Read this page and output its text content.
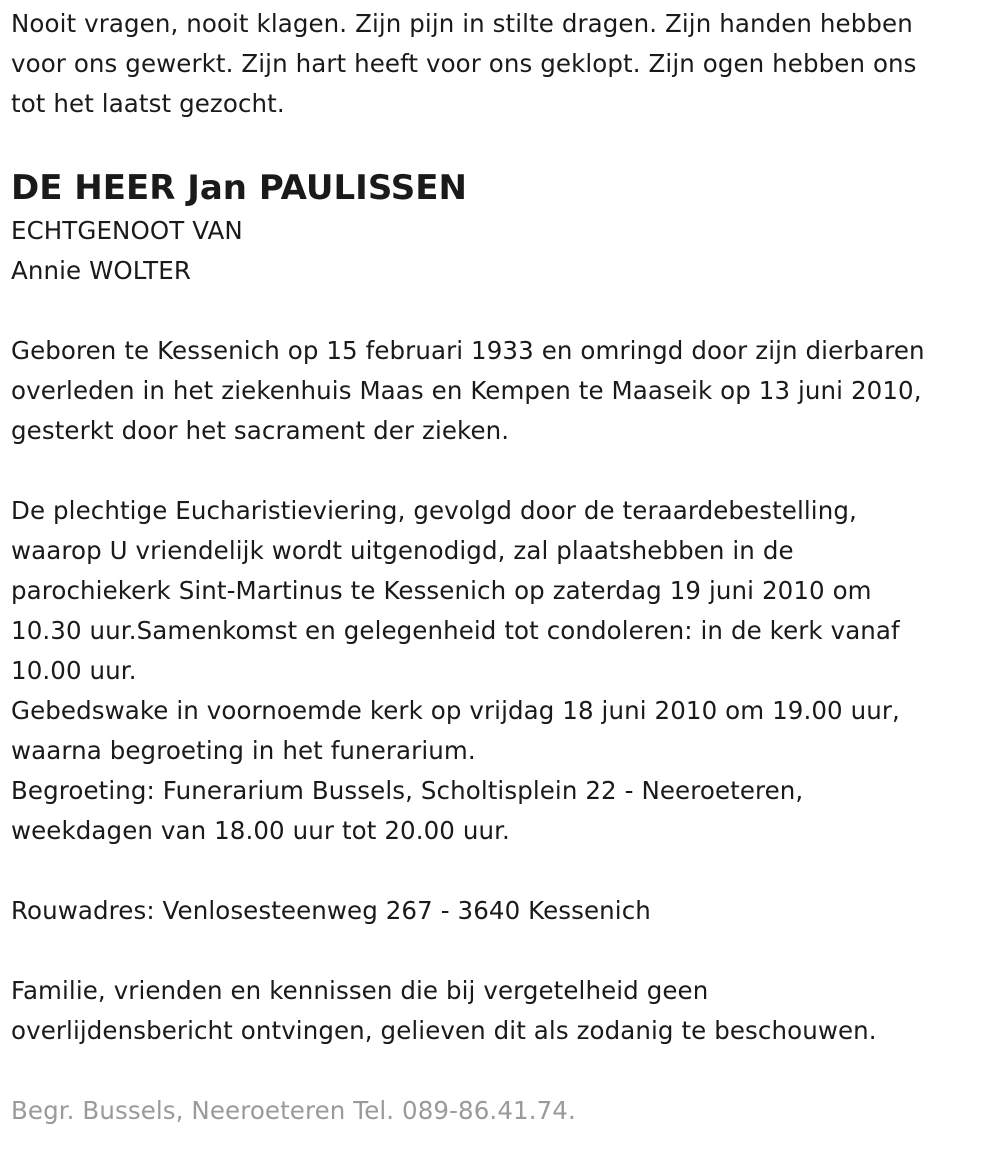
Nooit vragen, nooit klagen. Zijn pijn in stilte dragen. Zijn handen hebben
voor ons gewerkt. Zijn hart heeft voor ons geklopt. Zijn ogen hebben ons
tot het laatst gezocht.
DE HEER Jan PAULISSEN
ECHTGENOOT VAN
Annie WOLTER
Geboren te Kessenich op 15 februari 1933 en omringd door zijn dierbaren
overleden in het ziekenhuis Maas en Kempen te Maaseik op 13 juni 2010,
gesterkt door het sacrament der zieken.
De plechtige Eucharistieviering, gevolgd door de teraardebestelling,
waarop U vriendelijk wordt uitgenodigd, zal plaatshebben in de
parochiekerk Sint-Martinus te Kessenich op zaterdag 19 juni 2010 om
10.30 uur.Samenkomst en gelegenheid tot condoleren: in de kerk vanaf
10.00 uur.
Gebedswake in voornoemde kerk op vrijdag 18 juni 2010 om 19.00 uur,
waarna begroeting in het funerarium.
Begroeting: Funerarium Bussels, Scholtisplein 22 - Neeroeteren,
weekdagen van 18.00 uur tot 20.00 uur.
Rouwadres: Venlosesteenweg 267 - 3640 Kessenich
Familie, vrienden en kennissen die bij vergetelheid geen
overlijdensbericht ontvingen, gelieven dit als zodanig te beschouwen.
Begr. Bussels, Neeroeteren Tel. 089-86.41.74.
